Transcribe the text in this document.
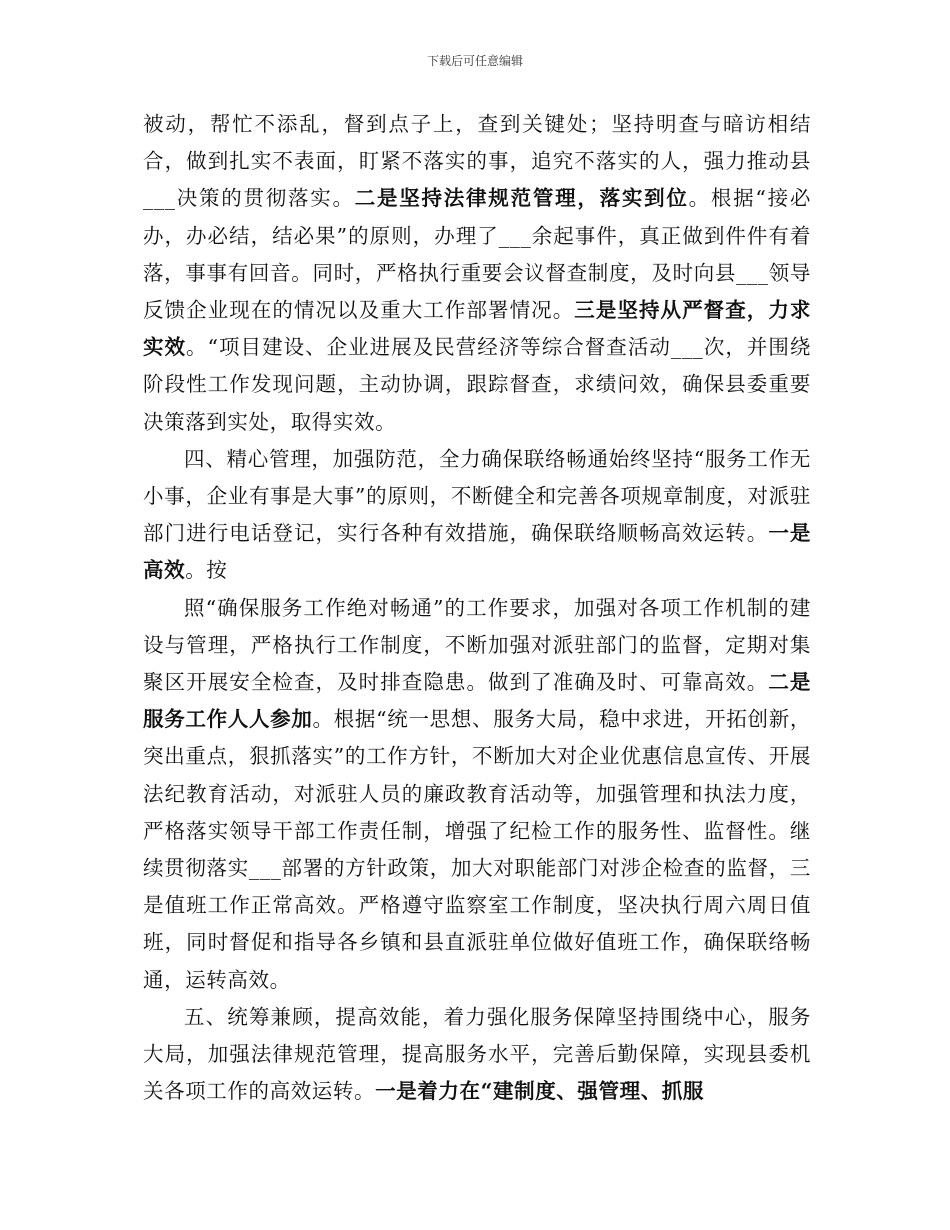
下载后可任意编辑

被动，帮忙不添乱，督到点子上，查到关键处；坚持明查与暗访相结合，做到扎实不表面，盯紧不落实的事，追究不落实的人，强力推动县___决策的贯彻落实。二是坚持法律规范管理，落实到位。根据“接必办，办必结，结必果”的原则，办理了___余起事件，真正做到件件有着落，事事有回音。同时，严格执行重要会议督查制度，及时向县___领导反馈企业现在的情况以及重大工作部署情况。三是坚持从严督查，力求实效。“项目建设、企业进展及民营经济等综合督查活动___次，并围绕阶段性工作发现问题，主动协调，跟踪督查，求绩问效，确保县委重要决策落到实处，取得实效。

四、精心管理，加强防范，全力确保联络畅通始终坚持“服务工作无小事，企业有事是大事”的原则，不断健全和完善各项规章制度，对派驻部门进行电话登记，实行各种有效措施，确保联络顺畅高效运转。一是高效。按

照“确保服务工作绝对畅通”的工作要求，加强对各项工作机制的建设与管理，严格执行工作制度，不断加强对派驻部门的监督，定期对集聚区开展安全检查，及时排查隐患。做到了准确及时、可靠高效。二是服务工作人人参加。根据“统一思想、服务大局，稳中求进，开拓创新，突出重点，狠抓落实”的工作方针，不断加大对企业优惠信息宣传、开展法纪教育活动，对派驻人员的廉政教育活动等，加强管理和执法力度，严格落实领导干部工作责任制，增强了纪检工作的服务性、监督性。继续贯彻落实___部署的方针政策，加大对职能部门对涉企检查的监督，三是值班工作正常高效。严格遵守监察室工作制度，坚决执行周六周日值班，同时督促和指导各乡镇和县直派驻单位做好值班工作，确保联络畅通，运转高效。

五、统筹兼顾，提高效能，着力强化服务保障坚持围绕中心，服务大局，加强法律规范管理，提高服务水平，完善后勤保障，实现县委机关各项工作的高效运转。一是着力在“建制度、强管理、抓服
